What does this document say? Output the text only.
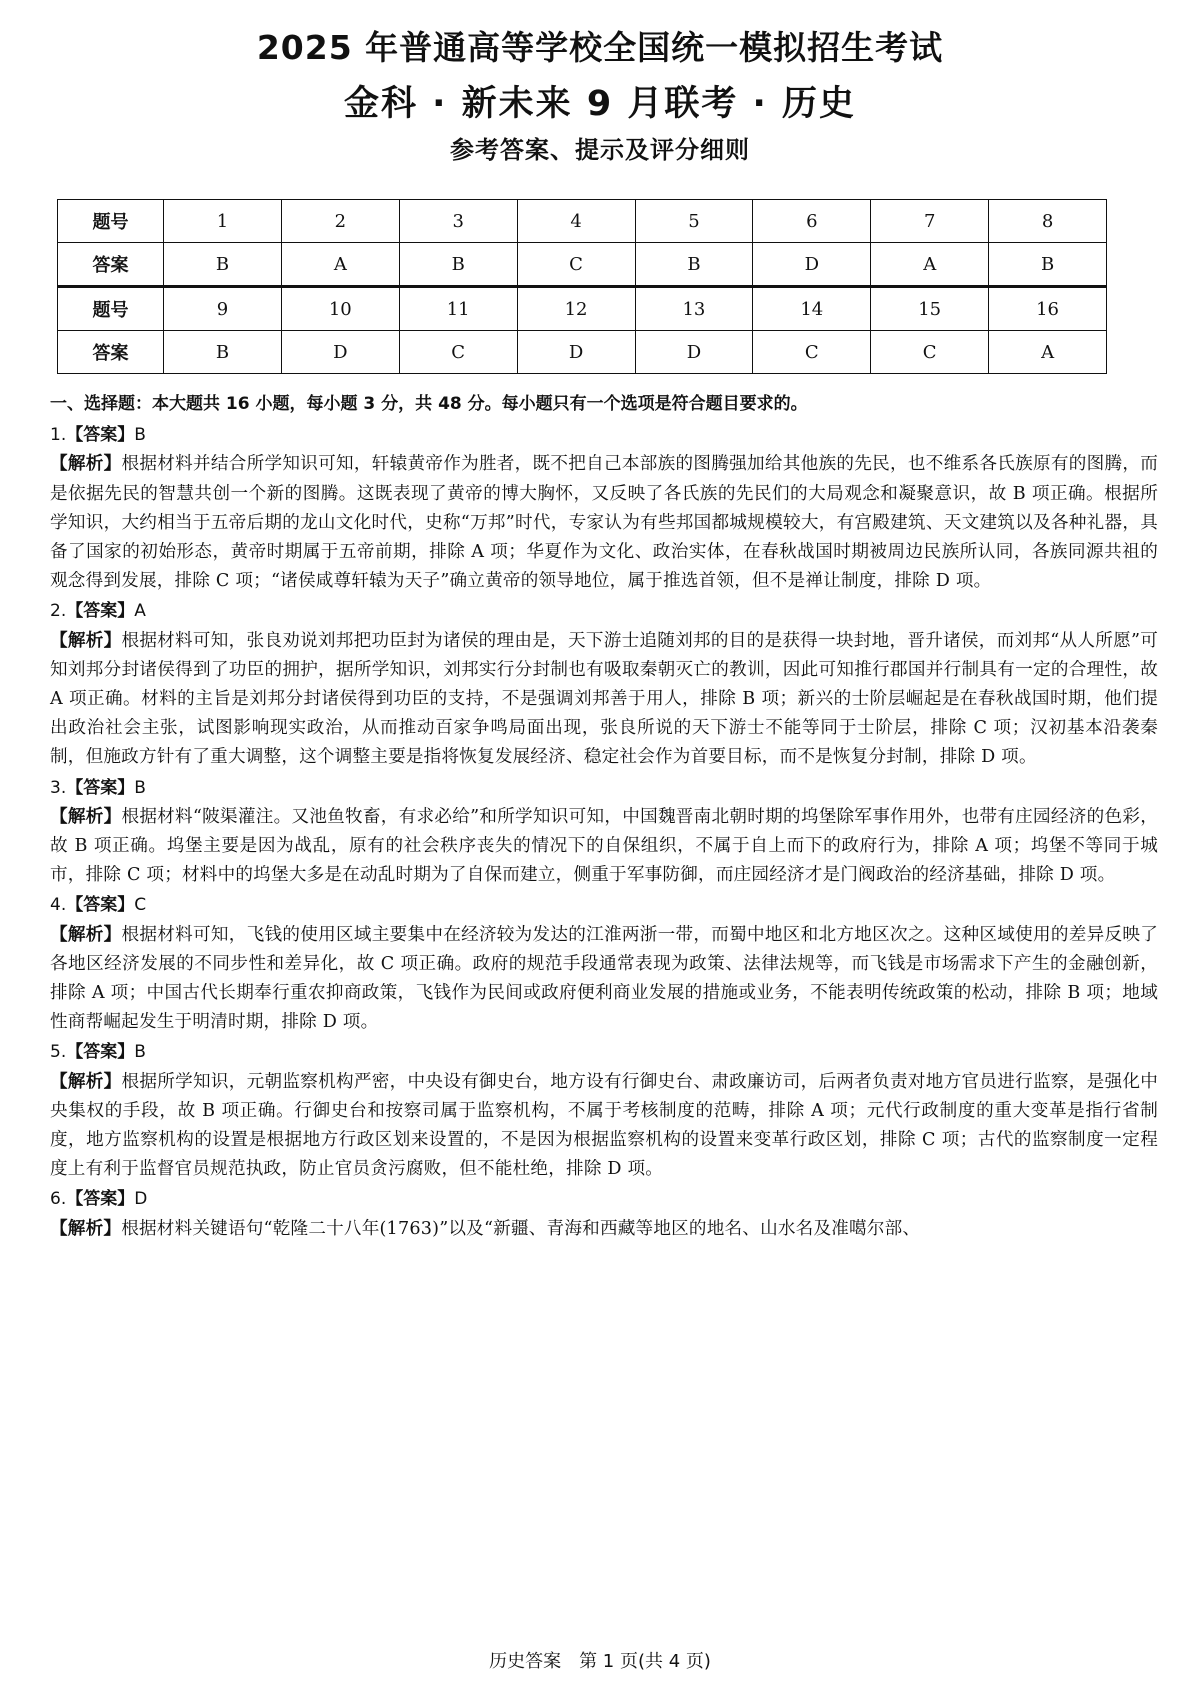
2025 年普通高等学校全国统一模拟招生考试
金科 · 新未来 9 月联考 · 历史
参考答案、提示及评分细则
题号	1	2	3	4	5	6	7	8
答案	B	A	B	C	B	D	A	B
题号	9	10	11	12	13	14	15	16
答案	B	D	C	D	D	C	C	A
一、选择题：本大题共 16 小题，每小题 3 分，共 48 分。每小题只有一个选项是符合题目要求的。
1.【答案】B
【解析】根据材料并结合所学知识可知，轩辕黄帝作为胜者，既不把自己本部族的图腾强加给其他族的先民，也不维系各氏族原有的图腾，而是依据先民的智慧共创一个新的图腾。这既表现了黄帝的博大胸怀，又反映了各氏族的先民们的大局观念和凝聚意识，故 B 项正确。根据所学知识，大约相当于五帝后期的龙山文化时代，史称“万邦”时代，专家认为有些邦国都城规模较大，有宫殿建筑、天文建筑以及各种礼器，具备了国家的初始形态，黄帝时期属于五帝前期，排除 A 项；华夏作为文化、政治实体，在春秋战国时期被周边民族所认同，各族同源共祖的观念得到发展，排除 C 项；“诸侯咸尊轩辕为天子”确立黄帝的领导地位，属于推选首领，但不是禅让制度，排除 D 项。
2.【答案】A
【解析】根据材料可知，张良劝说刘邦把功臣封为诸侯的理由是，天下游士追随刘邦的目的是获得一块封地，晋升诸侯，而刘邦“从人所愿”可知刘邦分封诸侯得到了功臣的拥护，据所学知识，刘邦实行分封制也有吸取秦朝灭亡的教训，因此可知推行郡国并行制具有一定的合理性，故 A 项正确。材料的主旨是刘邦分封诸侯得到功臣的支持，不是强调刘邦善于用人，排除 B 项；新兴的士阶层崛起是在春秋战国时期，他们提出政治社会主张，试图影响现实政治，从而推动百家争鸣局面出现，张良所说的天下游士不能等同于士阶层，排除 C 项；汉初基本沿袭秦制，但施政方针有了重大调整，这个调整主要是指将恢复发展经济、稳定社会作为首要目标，而不是恢复分封制，排除 D 项。
3.【答案】B
【解析】根据材料“陂渠灌注。又池鱼牧畜，有求必给”和所学知识可知，中国魏晋南北朝时期的坞堡除军事作用外，也带有庄园经济的色彩，故 B 项正确。坞堡主要是因为战乱，原有的社会秩序丧失的情况下的自保组织，不属于自上而下的政府行为，排除 A 项；坞堡不等同于城市，排除 C 项；材料中的坞堡大多是在动乱时期为了自保而建立，侧重于军事防御，而庄园经济才是门阀政治的经济基础，排除 D 项。
4.【答案】C
【解析】根据材料可知，飞钱的使用区域主要集中在经济较为发达的江淮两浙一带，而蜀中地区和北方地区次之。这种区域使用的差异反映了各地区经济发展的不同步性和差异化，故 C 项正确。政府的规范手段通常表现为政策、法律法规等，而飞钱是市场需求下产生的金融创新，排除 A 项；中国古代长期奉行重农抑商政策，飞钱作为民间或政府便利商业发展的措施或业务，不能表明传统政策的松动，排除 B 项；地域性商帮崛起发生于明清时期，排除 D 项。
5.【答案】B
【解析】根据所学知识，元朝监察机构严密，中央设有御史台，地方设有行御史台、肃政廉访司，后两者负责对地方官员进行监察，是强化中央集权的手段，故 B 项正确。行御史台和按察司属于监察机构，不属于考核制度的范畴，排除 A 项；元代行政制度的重大变革是指行省制度，地方监察机构的设置是根据地方行政区划来设置的，不是因为根据监察机构的设置来变革行政区划，排除 C 项；古代的监察制度一定程度上有利于监督官员规范执政，防止官员贪污腐败，但不能杜绝，排除 D 项。
6.【答案】D
【解析】根据材料关键语句“乾隆二十八年(1763)”以及“新疆、青海和西藏等地区的地名、山水名及准噶尔部、
历史答案　第 1 页(共 4 页)
